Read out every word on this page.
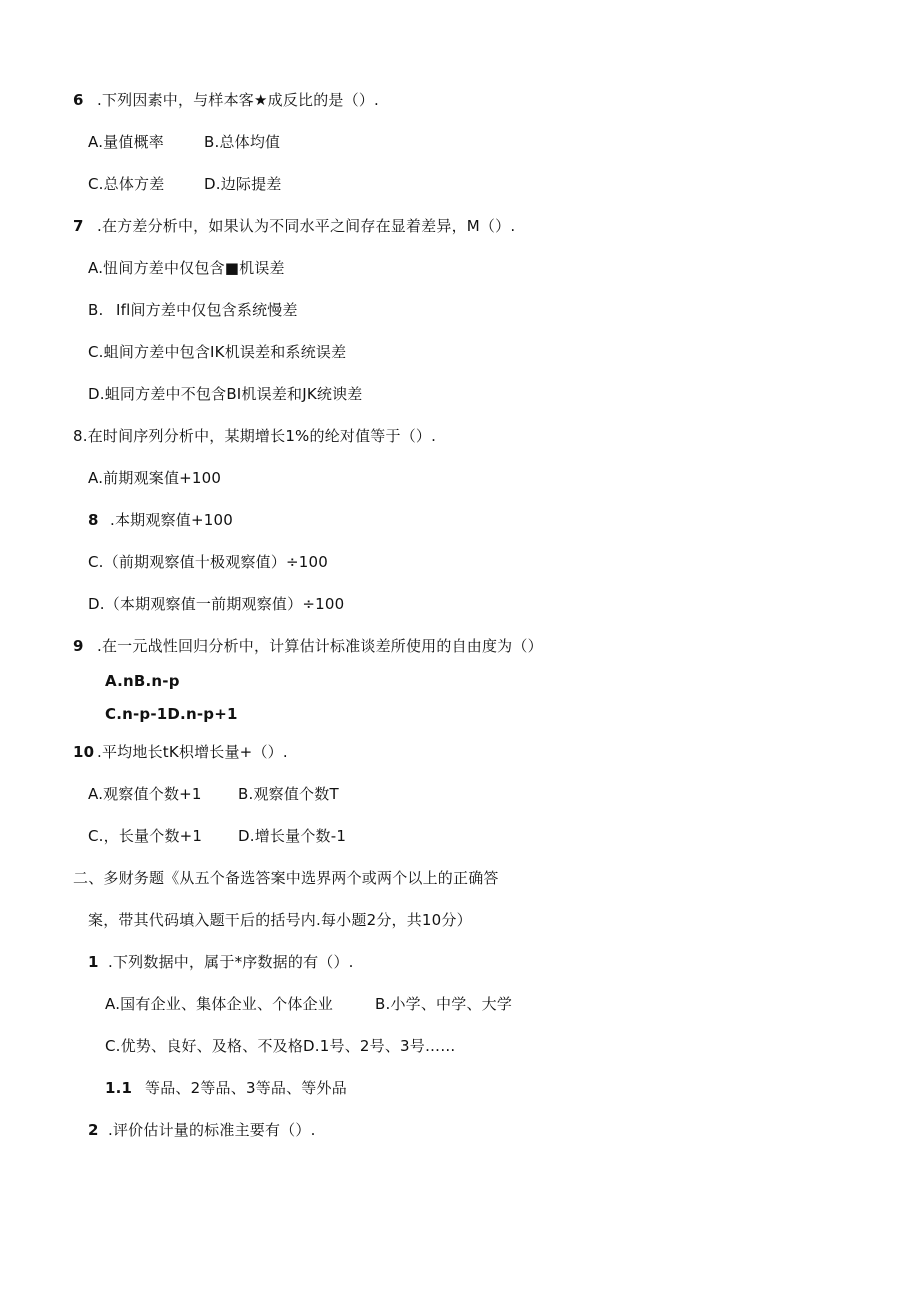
6 .下列因素中，与样本客★成反比的是（）.
A.量值概率	B.总体均值
C.总体方差	D.边际提差
7 .在方差分析中，如果认为不同水平之间存在显着差异，M（）.
A.忸间方差中仅包含■机误差
B. Ifl间方差中仅包含系统慢差
C.蛆间方差中包含IK机误差和系统误差
D.蛆同方差中不包含BI机误差和JK统谀差
8.在时间序列分析中，某期增长1%的纶对值等于（）.
A.前期观案值+100
8 .本期观察值+100
C.（前期观察值十极观察值）÷100
D.（本期观察值一前期观察值）÷100
9 .在一元战性回归分析中，计算估计标准谈差所使用的自由度为（）
A.nB.n-p
C.n-p-1D.n-p+1
10 .平均地长tK枳增长量+（）.
A.观察值个数+1 B.观察值个数T
C.，长量个数+1 D.增长量个数-1
二、多财务题《从五个备选答案中选界两个或两个以上的正确答
案，带其代码填入题干后的括号内.每小题2分，共10分）
1 .下列数据中，属于*序数据的有（）.
A.国有企业、集体企业、个体企业	B.小学、中学、大学
C.优势、良好、及格、不及格D.1号、2号、3号……
1.1 等品、2等品、3等品、等外品
2 .评价估计量的标准主要有（）.
